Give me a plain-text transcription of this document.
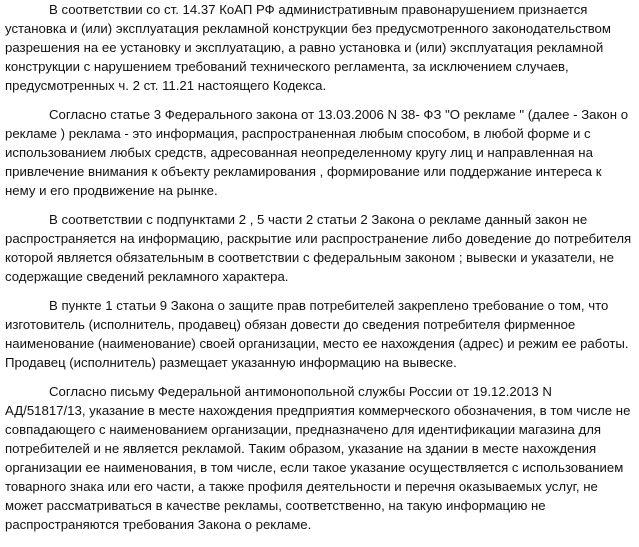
В соответствии со ст. 14.37 КоАП РФ административным правонарушением признается установка и (или) эксплуатация рекламной конструкции без предусмотренного законодательством разрешения на ее установку и эксплуатацию, а равно установка и (или) эксплуатация рекламной конструкции с нарушением требований технического регламента, за исключением случаев, предусмотренных ч. 2 ст. 11.21 настоящего Кодекса.

Согласно статье 3 Федерального закона от 13.03.2006 N 38- ФЗ "О рекламе " (далее - Закон о рекламе ) реклама - это информация, распространенная любым способом, в любой форме и с использованием любых средств, адресованная неопределенному кругу лиц и направленная на привлечение внимания к объекту рекламирования , формирование или поддержание интереса к нему и его продвижение на рынке.

В соответствии с подпунктами 2 , 5 части 2 статьи 2 Закона о рекламе данный закон не распространяется на информацию, раскрытие или распространение либо доведение до потребителя которой является обязательным в соответствии с федеральным законом ; вывески и указатели, не содержащие сведений рекламного характера.

В пункте 1 статьи 9 Закона о защите прав потребителей закреплено требование о том, что изготовитель (исполнитель, продавец) обязан довести до сведения потребителя фирменное наименование (наименование) своей организации, место ее нахождения (адрес) и режим ее работы. Продавец (исполнитель) размещает указанную информацию на вывеске.

Согласно письму Федеральной антимонопольной службы России от 19.12.2013 N АД/51817/13, указание в месте нахождения предприятия коммерческого обозначения, в том числе не совпадающего с наименованием организации, предназначено для идентификации магазина для потребителей и не является рекламой. Таким образом, указание на здании в месте нахождения организации ее наименования, в том числе, если такое указание осуществляется с использованием товарного знака или его части, а также профиля деятельности и перечня оказываемых услуг, не может рассматриваться в качестве рекламы, соответственно, на такую информацию не распространяются требования Закона о рекламе.
